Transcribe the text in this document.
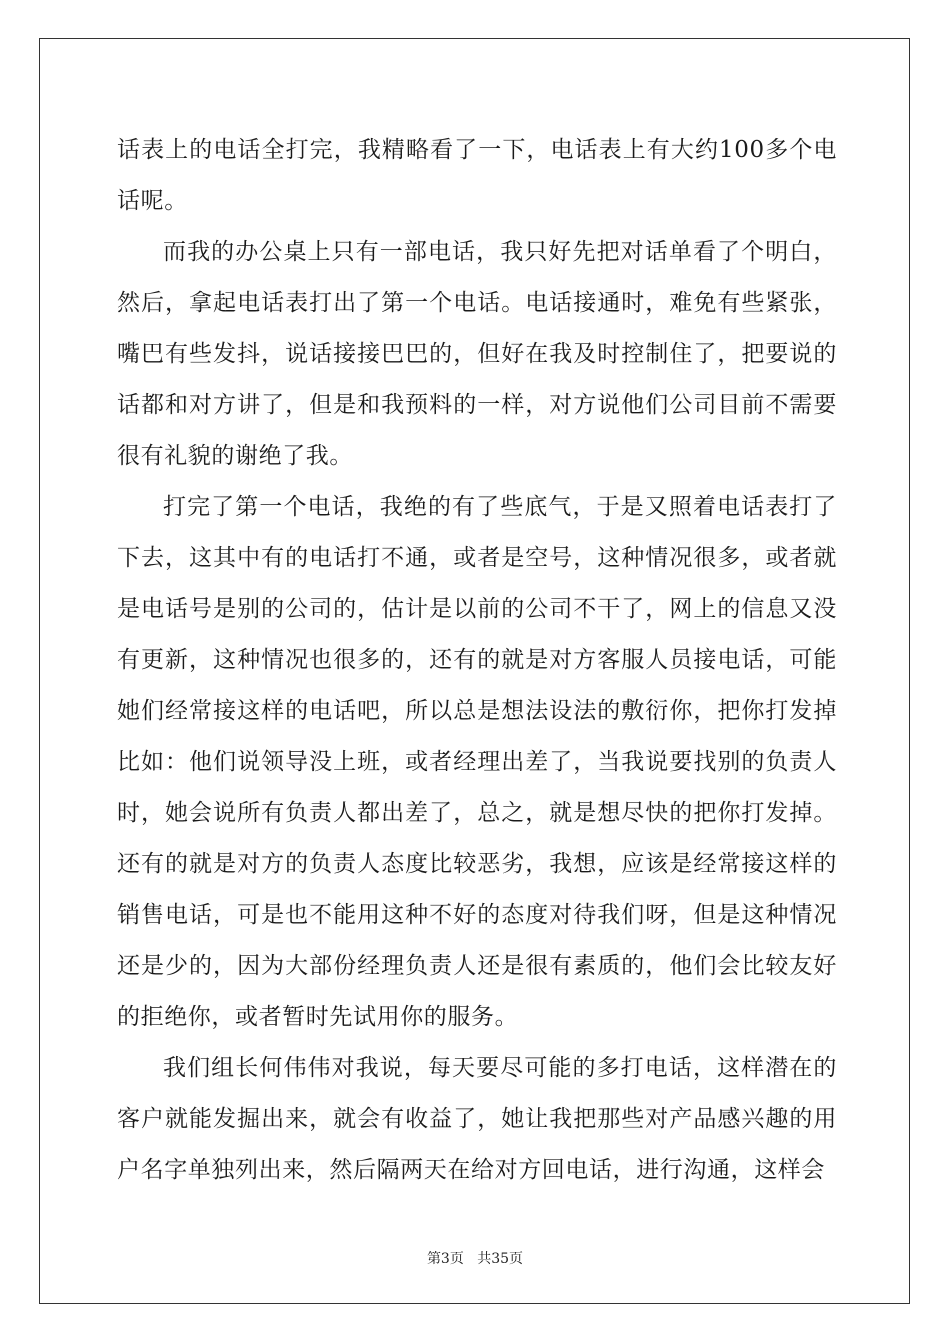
话表上的电话全打完，我精略看了一下，电话表上有大约100多个电话呢。

而我的办公桌上只有一部电话，我只好先把对话单看了个明白，然后，拿起电话表打出了第一个电话。电话接通时，难免有些紧张，嘴巴有些发抖，说话接接巴巴的，但好在我及时控制住了，把要说的话都和对方讲了，但是和我预料的一样，对方说他们公司目前不需要很有礼貌的谢绝了我。

打完了第一个电话，我绝的有了些底气，于是又照着电话表打了下去，这其中有的电话打不通，或者是空号，这种情况很多，或者就是电话号是别的公司的，估计是以前的公司不干了，网上的信息又没有更新，这种情况也很多的，还有的就是对方客服人员接电话，可能她们经常接这样的电话吧，所以总是想法设法的敷衍你，把你打发掉比如：他们说领导没上班，或者经理出差了，当我说要找别的负责人时，她会说所有负责人都出差了，总之，就是想尽快的把你打发掉。还有的就是对方的负责人态度比较恶劣，我想，应该是经常接这样的销售电话，可是也不能用这种不好的态度对待我们呀，但是这种情况还是少的，因为大部份经理负责人还是很有素质的，他们会比较友好的拒绝你，或者暂时先试用你的服务。

我们组长何伟伟对我说，每天要尽可能的多打电话，这样潜在的客户就能发掘出来，就会有收益了，她让我把那些对产品感兴趣的用户名字单独列出来，然后隔两天在给对方回电话，进行沟通，这样会

第3页 共35页
